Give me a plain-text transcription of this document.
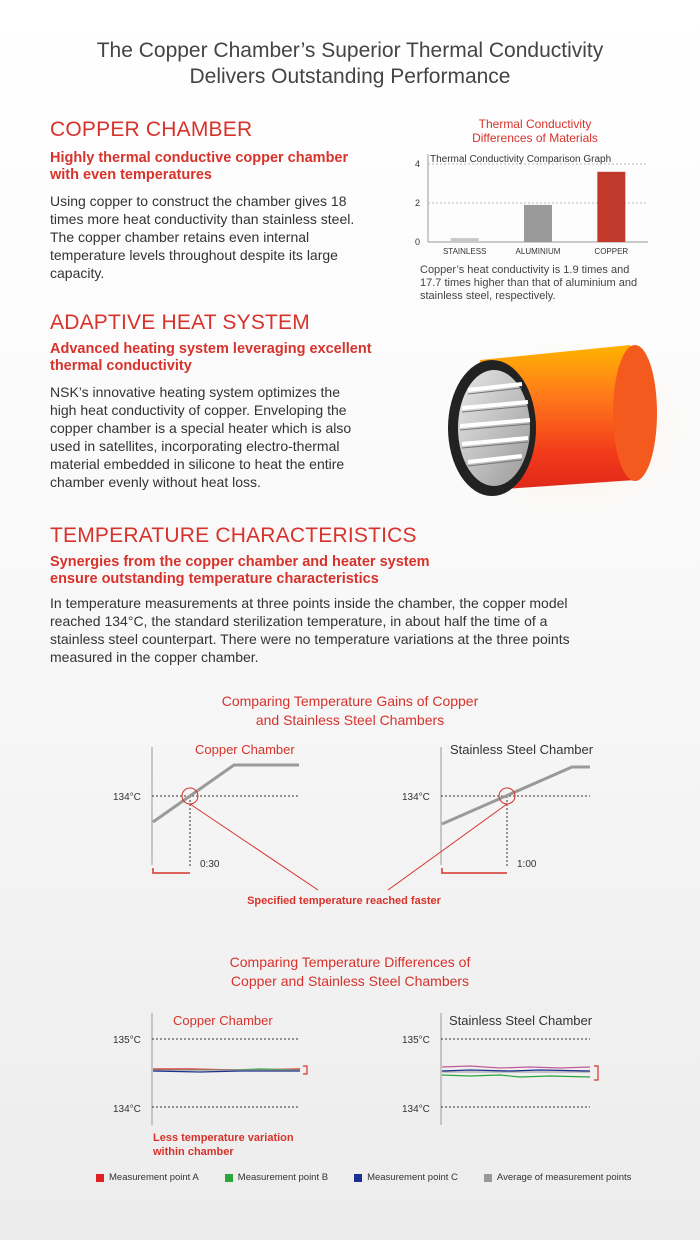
The Copper Chamber’s Superior Thermal Conductivity
Delivers Outstanding Performance
COPPER CHAMBER
Highly thermal conductive copper chamber
with even temperatures
Using copper to construct the chamber gives 18
times more heat conductivity than stainless steel.
The copper chamber retains even internal
temperature levels throughout despite its large
capacity.
Thermal Conductivity
Differences of Materials
Thermal Conductivity Comparison Graph
0
2
4
STAINLESS	ALUMINIUM	COPPER
Copper’s heat conductivity is 1.9 times and
17.7 times higher than that of aluminium and
stainless steel, respectively.
ADAPTIVE HEAT SYSTEM
Advanced heating system leveraging excellent
thermal conductivity
NSK’s innovative heating system optimizes the
high heat conductivity of copper. Enveloping the
copper chamber is a special heater which is also
used in satellites, incorporating electro-thermal
material embedded in silicone to heat the entire
chamber evenly without heat loss.
TEMPERATURE CHARACTERISTICS
Synergies from the copper chamber and heater system
ensure outstanding temperature characteristics
In temperature measurements at three points inside the chamber, the copper model
reached 134°C, the standard sterilization temperature, in about half the time of a
stainless steel counterpart. There were no temperature variations at the three points
measured in the copper chamber.
Comparing Temperature Gains of Copper
and Stainless Steel Chambers
Copper Chamber
134°C
0:30
Stainless Steel Chamber
134°C
1:00
Specified temperature reached faster
Comparing Temperature Differences of
Copper and Stainless Steel Chambers
Copper Chamber
135°C
134°C
Less temperature variation
within chamber
Stainless Steel Chamber
135°C
134°C
Measurement point A	Measurement point B	Measurement point C	Average of measurement points
